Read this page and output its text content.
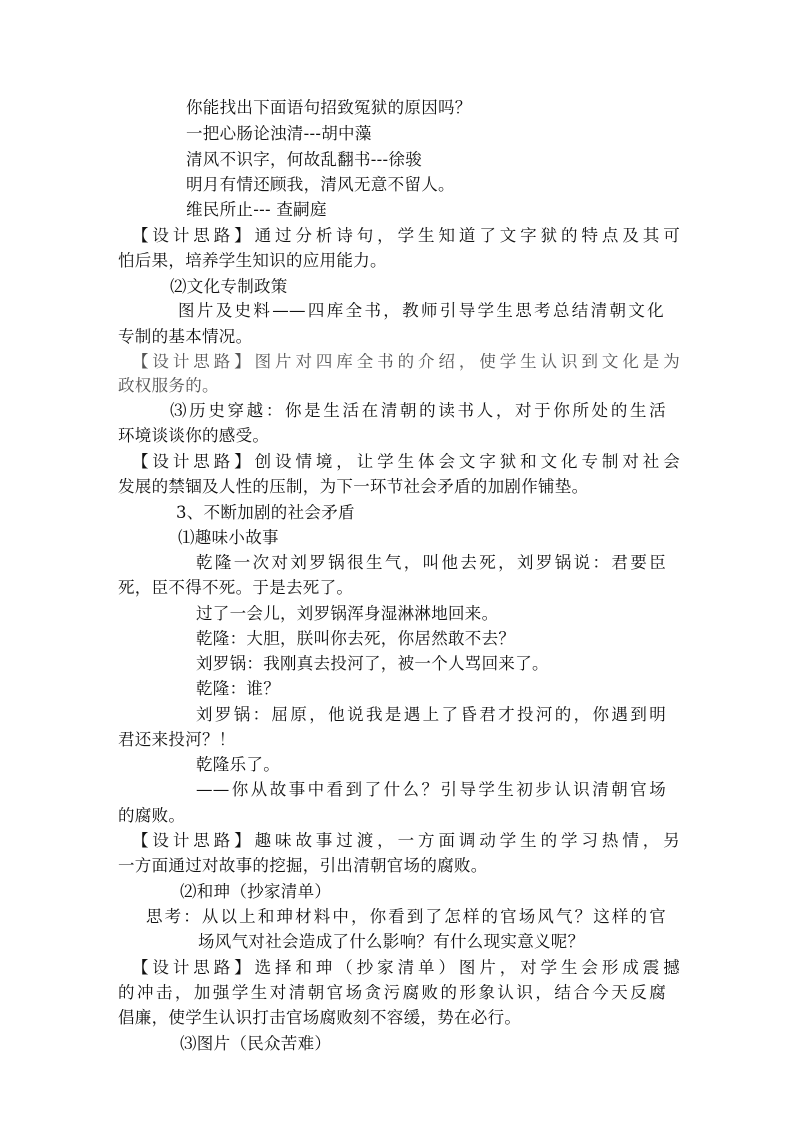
你能找出下面语句招致冤狱的原因吗？
一把心肠论浊清---胡中藻
清风不识字，何故乱翻书---徐骏
明月有情还顾我，清风无意不留人。
维民所止--- 查嗣庭
【设计思路】通过分析诗句，学生知道了文字狱的特点及其可
怕后果，培养学生知识的应用能力。
⑵文化专制政策
图片及史料——四库全书，教师引导学生思考总结清朝文化
专制的基本情况。
【设计思路】图片对四库全书的介绍，使学生认识到文化是为
政权服务的。
⑶历史穿越：你是生活在清朝的读书人，对于你所处的生活
环境谈谈你的感受。
【设计思路】创设情境，让学生体会文字狱和文化专制对社会
发展的禁锢及人性的压制，为下一环节社会矛盾的加剧作铺垫。
3、不断加剧的社会矛盾
⑴趣味小故事
乾隆一次对刘罗锅很生气，叫他去死，刘罗锅说：君要臣
死，臣不得不死。于是去死了。
过了一会儿，刘罗锅浑身湿淋淋地回来。
乾隆：大胆，朕叫你去死，你居然敢不去？
刘罗锅：我刚真去投河了，被一个人骂回来了。
乾隆：谁？
刘罗锅：屈原，他说我是遇上了昏君才投河的，你遇到明
君还来投河？！
乾隆乐了。
——你从故事中看到了什么？引导学生初步认识清朝官场
的腐败。
【设计思路】趣味故事过渡，一方面调动学生的学习热情，另
一方面通过对故事的挖掘，引出清朝官场的腐败。
⑵和珅（抄家清单）
思考：从以上和珅材料中，你看到了怎样的官场风气？这样的官
场风气对社会造成了什么影响？有什么现实意义呢？
【设计思路】选择和珅（抄家清单）图片，对学生会形成震撼
的冲击，加强学生对清朝官场贪污腐败的形象认识，结合今天反腐
倡廉，使学生认识打击官场腐败刻不容缓，势在必行。
⑶图片（民众苦难）
